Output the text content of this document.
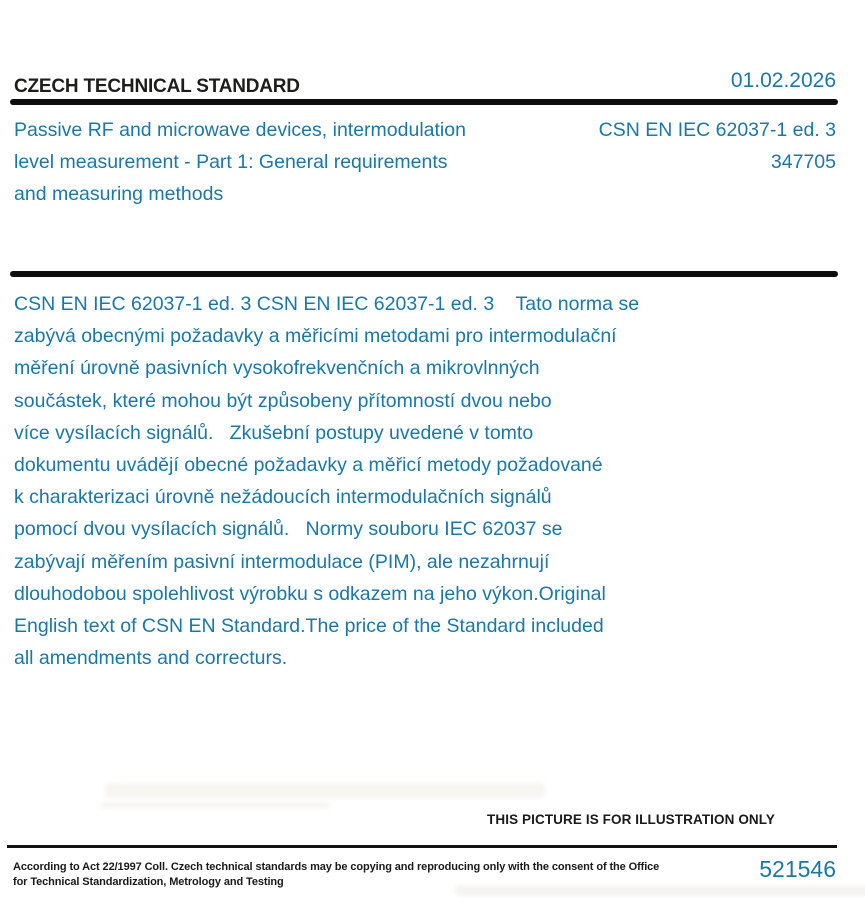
CZECH TECHNICAL STANDARD	01.02.2026
Passive RF and microwave devices, intermodulation
level measurement - Part 1: General requirements
and measuring methods
CSN EN IEC 62037-1 ed. 3
347705
CSN EN IEC 62037-1 ed. 3 CSN EN IEC 62037-1 ed. 3    Tato norma se
zabývá obecnými požadavky a měřicími metodami pro intermodulační
měření úrovně pasivních vysokofrekvenčních a mikrovlnných
součástek, které mohou být způsobeny přítomností dvou nebo
více vysílacích signálů.   Zkušební postupy uvedené v tomto
dokumentu uvádějí obecné požadavky a měřicí metody požadované
k charakterizaci úrovně nežádoucích intermodulačních signálů
pomocí dvou vysílacích signálů.   Normy souboru IEC 62037 se
zabývají měřením pasivní intermodulace (PIM), ale nezahrnují
dlouhodobou spolehlivost výrobku s odkazem na jeho výkon.Original
English text of CSN EN Standard.The price of the Standard included
all amendments and correcturs.
THIS PICTURE IS FOR ILLUSTRATION ONLY
According to Act 22/1997 Coll. Czech technical standards may be copying and reproducing only with the consent of the Office
for Technical Standardization, Metrology and Testing	521546
